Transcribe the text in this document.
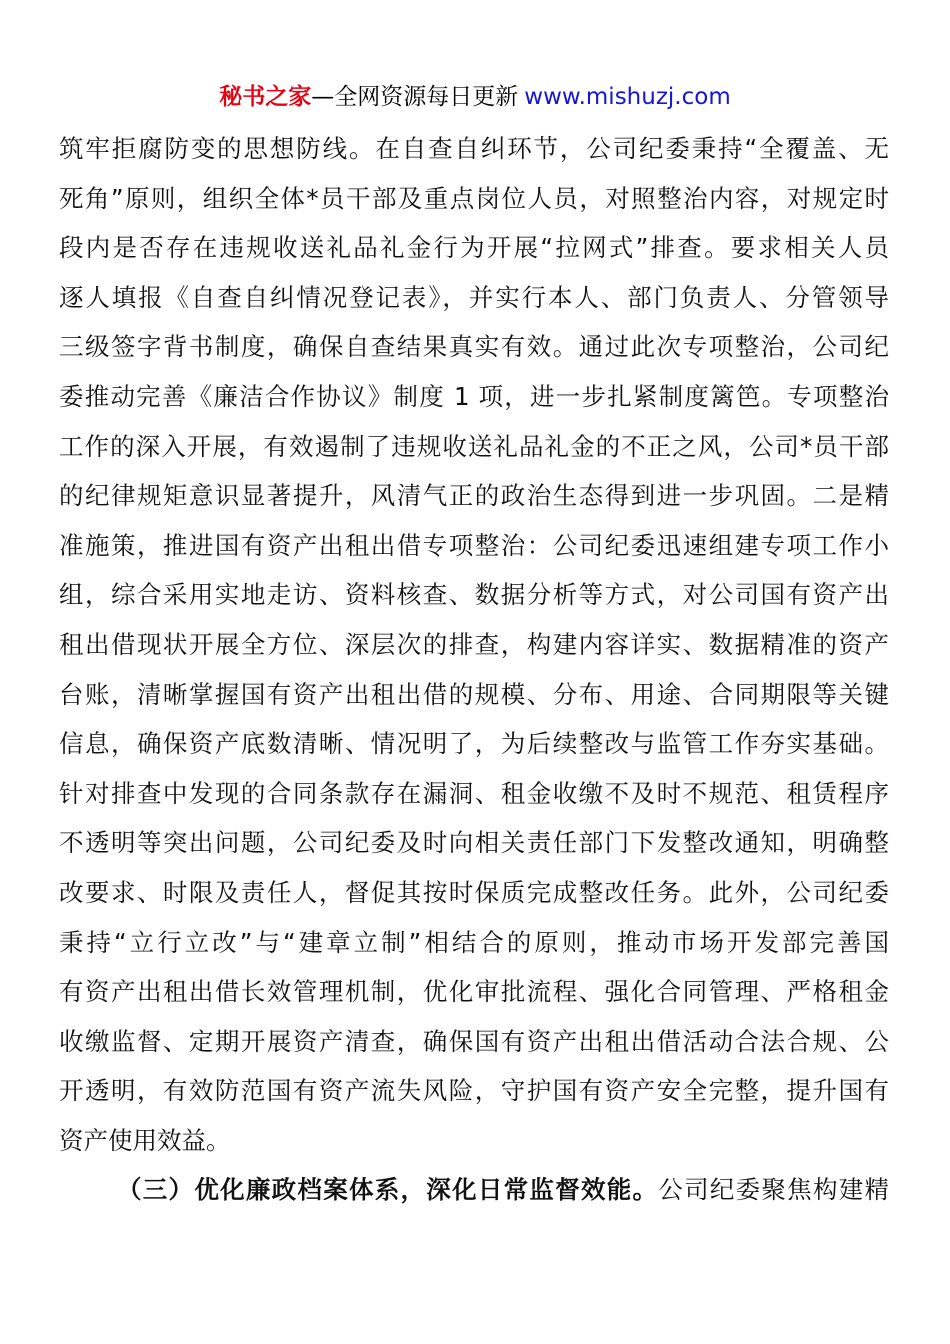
秘书之家—全网资源每日更新 www.mishuzj.com
筑牢拒腐防变的思想防线。在自查自纠环节，公司纪委秉持“全覆盖、无
死角”原则，组织全体*员干部及重点岗位人员，对照整治内容，对规定时
段内是否存在违规收送礼品礼金行为开展“拉网式”排查。要求相关人员
逐人填报《自查自纠情况登记表》，并实行本人、部门负责人、分管领导
三级签字背书制度，确保自查结果真实有效。通过此次专项整治，公司纪
委推动完善《廉洁合作协议》制度 1 项，进一步扎紧制度篱笆。专项整治
工作的深入开展，有效遏制了违规收送礼品礼金的不正之风，公司*员干部
的纪律规矩意识显著提升，风清气正的政治生态得到进一步巩固。二是精
准施策，推进国有资产出租出借专项整治：公司纪委迅速组建专项工作小
组，综合采用实地走访、资料核查、数据分析等方式，对公司国有资产出
租出借现状开展全方位、深层次的排查，构建内容详实、数据精准的资产
台账，清晰掌握国有资产出租出借的规模、分布、用途、合同期限等关键
信息，确保资产底数清晰、情况明了，为后续整改与监管工作夯实基础。
针对排查中发现的合同条款存在漏洞、租金收缴不及时不规范、租赁程序
不透明等突出问题，公司纪委及时向相关责任部门下发整改通知，明确整
改要求、时限及责任人，督促其按时保质完成整改任务。此外，公司纪委
秉持“立行立改”与“建章立制”相结合的原则，推动市场开发部完善国
有资产出租出借长效管理机制，优化审批流程、强化合同管理、严格租金
收缴监督、定期开展资产清查，确保国有资产出租出借活动合法合规、公
开透明，有效防范国有资产流失风险，守护国有资产安全完整，提升国有
资产使用效益。
（三）优化廉政档案体系，深化日常监督效能。公司纪委聚焦构建精
